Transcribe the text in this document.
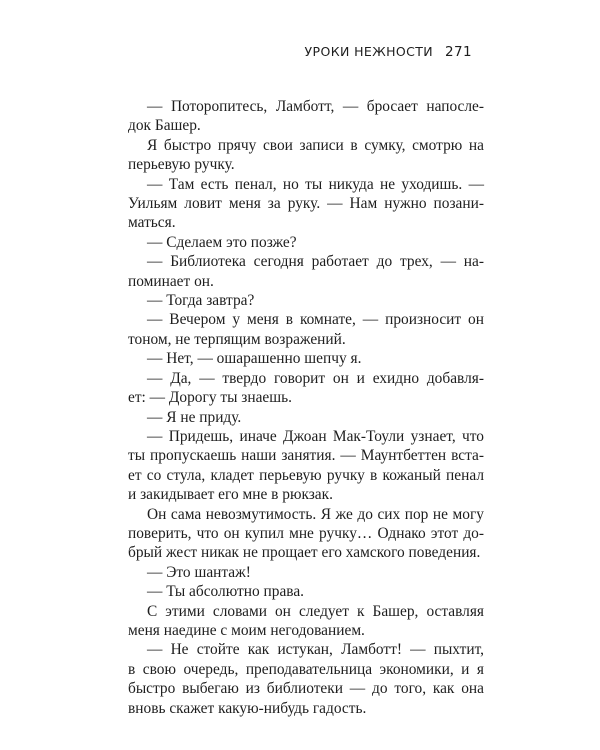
УРОКИ НЕЖНОСТИ 271

— Поторопитесь, Ламботт, — бросает напосле-
док Башер.

Я быстро прячу свои записи в сумку, смотрю на
перьевую ручку.

— Там есть пенал, но ты никуда не уходишь. —
Уильям ловит меня за руку. — Нам нужно позани-
маться.

— Сделаем это позже?

— Библиотека сегодня работает до трех, — на-
поминает он.

— Тогда завтра?

— Вечером у меня в комнате, — произносит он
тоном, не терпящим возражений.

— Нет, — ошарашенно шепчу я.

— Да, — твердо говорит он и ехидно добавля-
ет: — Дорогу ты знаешь.

— Я не приду.

— Придешь, иначе Джоан Мак-Тоули узнает, что
ты пропускаешь наши занятия. — Маунтбеттен вста-
ет со стула, кладет перьевую ручку в кожаный пенал
и закидывает его мне в рюкзак.

Он сама невозмутимость. Я же до сих пор не могу
поверить, что он купил мне ручку… Однако этот до-
брый жест никак не прощает его хамского поведения.

— Это шантаж!

— Ты абсолютно права.

С этими словами он следует к Башер, оставляя
меня наедине с моим негодованием.

— Не стойте как истукан, Ламботт! — пыхтит,
в свою очередь, преподавательница экономики, и я
быстро выбегаю из библиотеки — до того, как она
вновь скажет какую-нибудь гадость.
